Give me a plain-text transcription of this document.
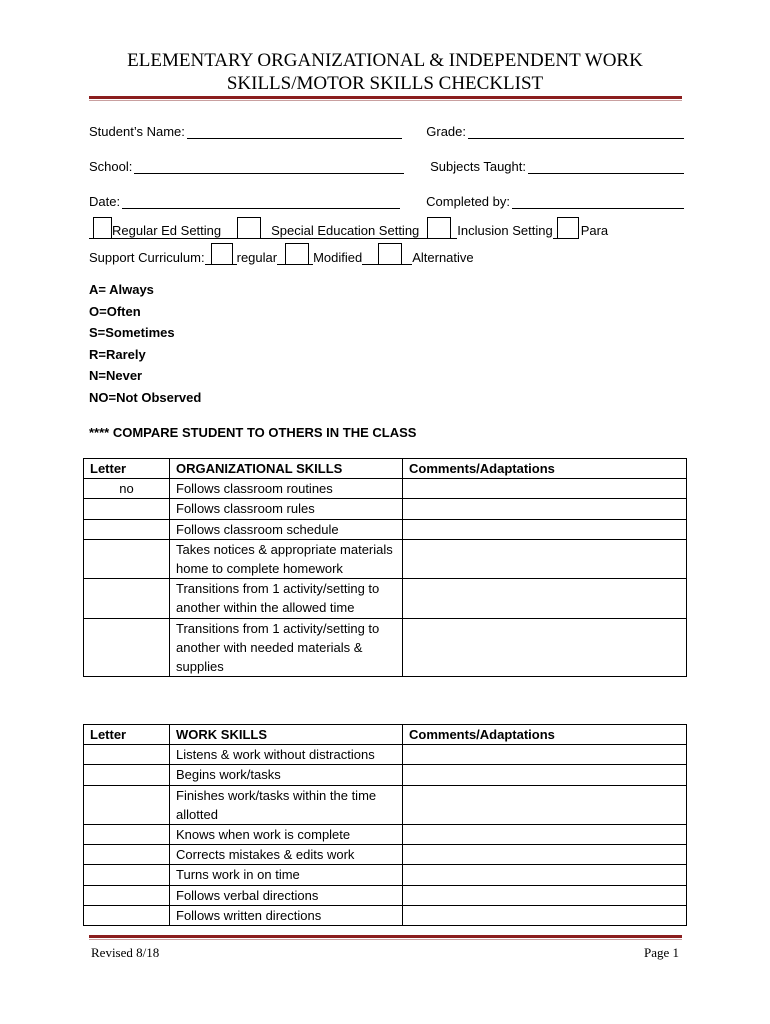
ELEMENTARY ORGANIZATIONAL & INDEPENDENT WORK
SKILLS/MOTOR SKILLS CHECKLIST
Student’s Name:	Grade:
School:	Subjects Taught:
Date:	Completed by:
Regular Ed Setting	Special Education Setting	Inclusion Setting Para
Support Curriculum: regular	Modified	Alternative
A= Always
O=Often
S=Sometimes
R=Rarely
N=Never
NO=Not Observed
**** COMPARE STUDENT TO OTHERS IN THE CLASS
Letter	ORGANIZATIONAL SKILLS	Comments/Adaptations
no	Follows classroom routines	
	Follows classroom rules	
	Follows classroom schedule	
	Takes notices & appropriate materials home to complete homework	
	Transitions from 1 activity/setting to another within the allowed time	
	Transitions from 1 activity/setting to another with needed materials & supplies	
Letter	WORK SKILLS	Comments/Adaptations
	Listens & work without distractions	
	Begins work/tasks	
	Finishes work/tasks within the time allotted	
	Knows when work is complete	
	Corrects mistakes & edits work	
	Turns work in on time	
	Follows verbal directions	
	Follows written directions	
Revised 8/18	Page 1
